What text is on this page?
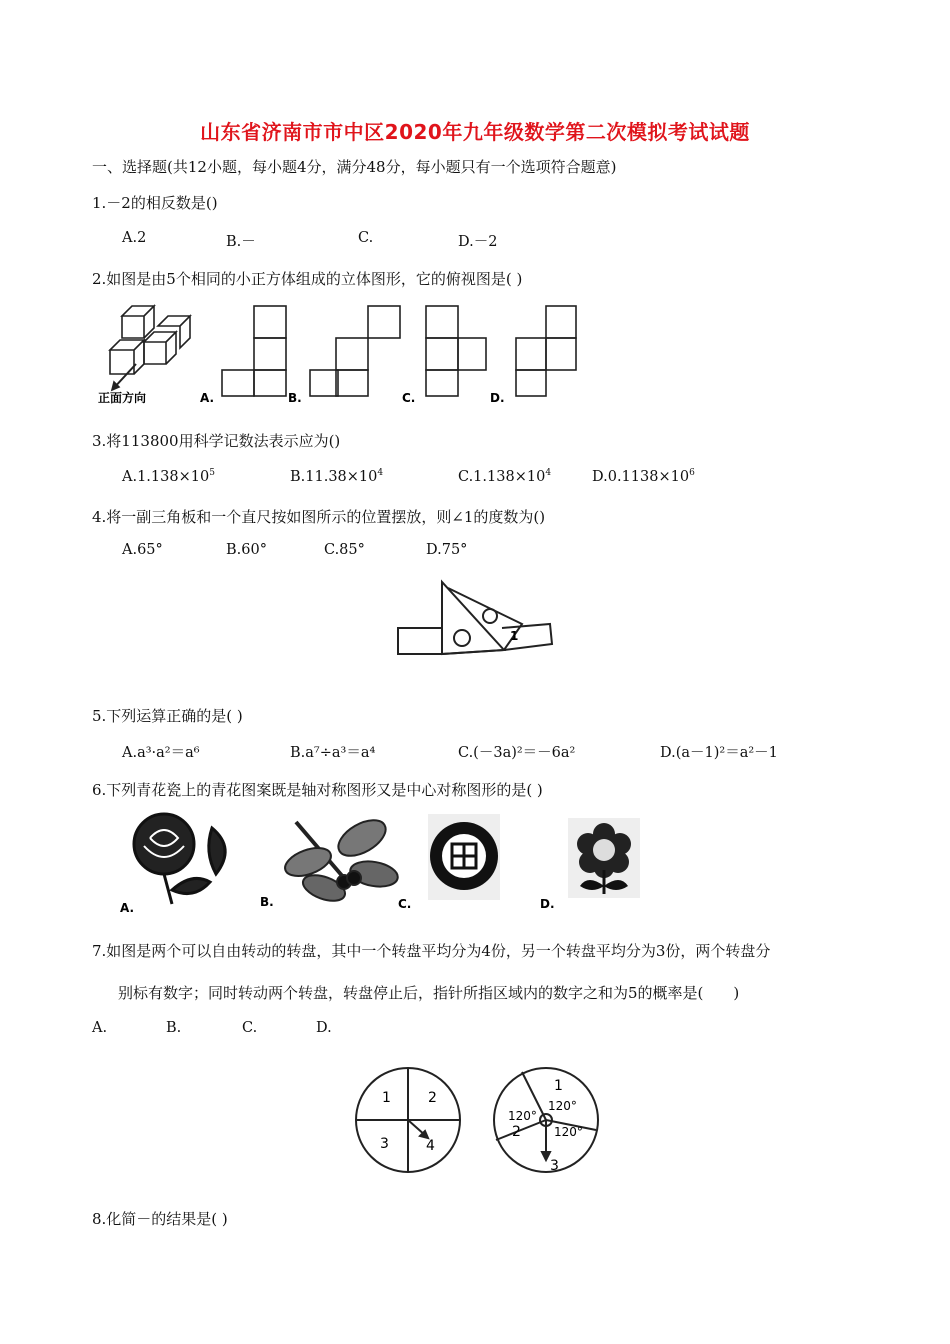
山东省济南市市中区2020年九年级数学第二次模拟考试试题
一、选择题(共12小题，每小题4分，满分48分，每小题只有一个选项符合题意)
1.－2的相反数是()
A.2	B.－	C.	D.－2
2.如图是由5个相同的小正方体组成的立体图形，它的俯视图是( )
正面方向	A.	B.	C.	D.
3.将113800用科学记数法表示应为()
$A.1.138\times 10^5$	$B.11.38\times 10^4$	$C.1.138\times 10^4$	$D.0.1138\times 10^6$
4.将一副三角板和一个直尺按如图所示的位置摆放，则∠1的度数为()
A.65°	B.60°	C.85°	D.75°
1
5.下列运算正确的是( )
A.a³·a²＝a⁶	B.a⁷÷a³＝a⁴	C.(－3a)²＝－6a²	D.(a－1)²＝a²－1
6.下列青花瓷上的青花图案既是轴对称图形又是中心对称图形的是( )
A.	B.	C.	D.
7.如图是两个可以自由转动的转盘，其中一个转盘平均分为4份，另一个转盘平均分为3份，两个转盘分
别标有数字；同时转动两个转盘，转盘停止后，指针所指区域内的数字之和为5的概率是(　　)
A.	B.	C.	D.
1	2
3	4
1
2
3
120°
120°
120°
8.化简－的结果是( )
